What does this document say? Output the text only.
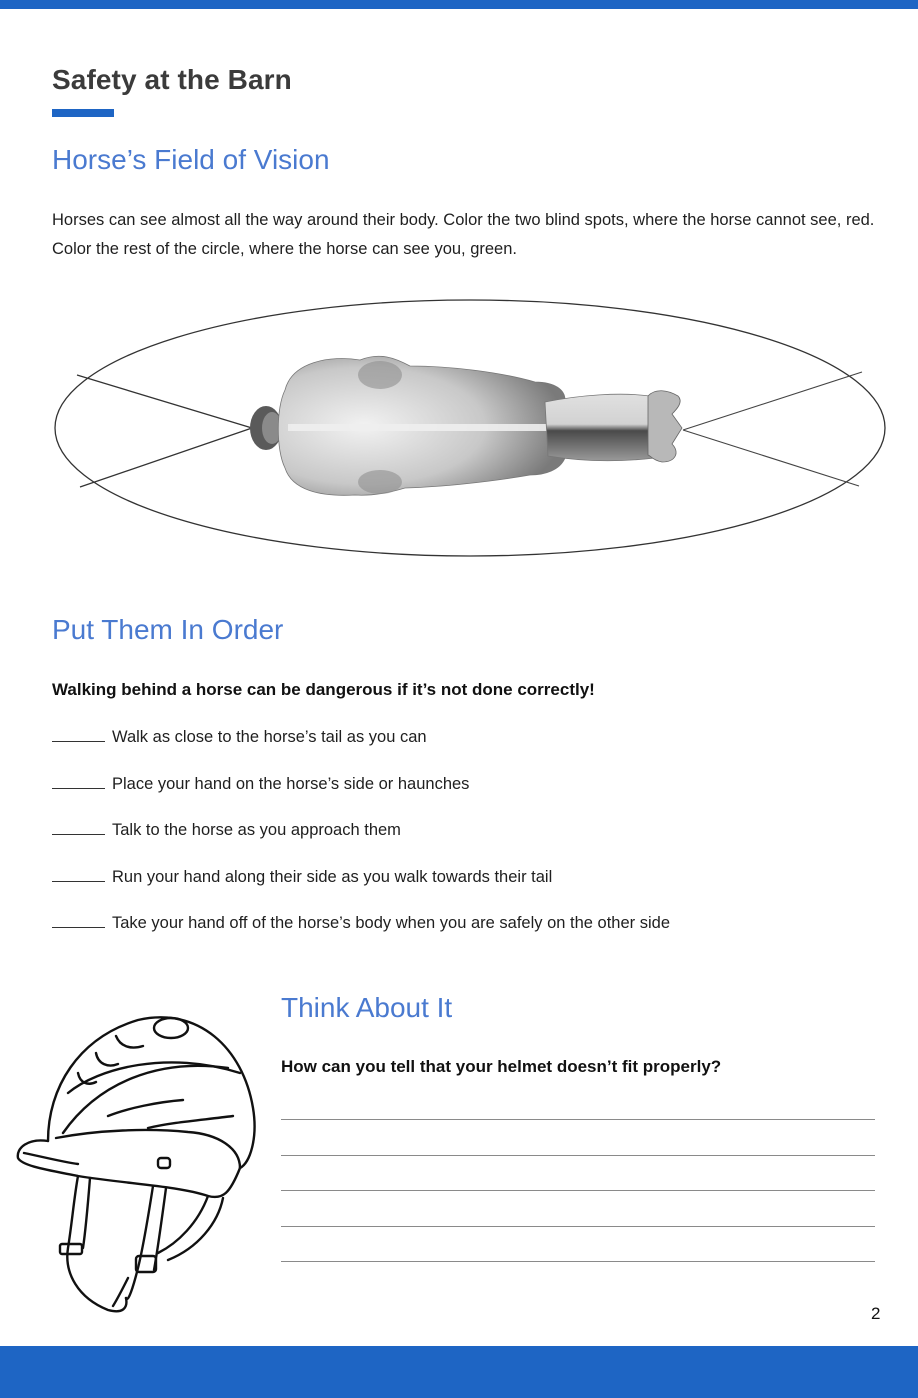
Safety at the Barn
Horse’s Field of Vision

Horses can see almost all the way around their body. Color the two blind spots, where the horse cannot see, red. Color the rest of the circle, where the horse can see you, green.

Put Them In Order

Walking behind a horse can be dangerous if it’s not done correctly!

Walk as close to the horse’s tail as you can
Place your hand on the horse’s side or haunches
Talk to the horse as you approach them
Run your hand along their side as you walk towards their tail
Take your hand off of the horse’s body when you are safely on the other side
Think About It

How can you tell that your helmet doesn’t fit properly?

2
